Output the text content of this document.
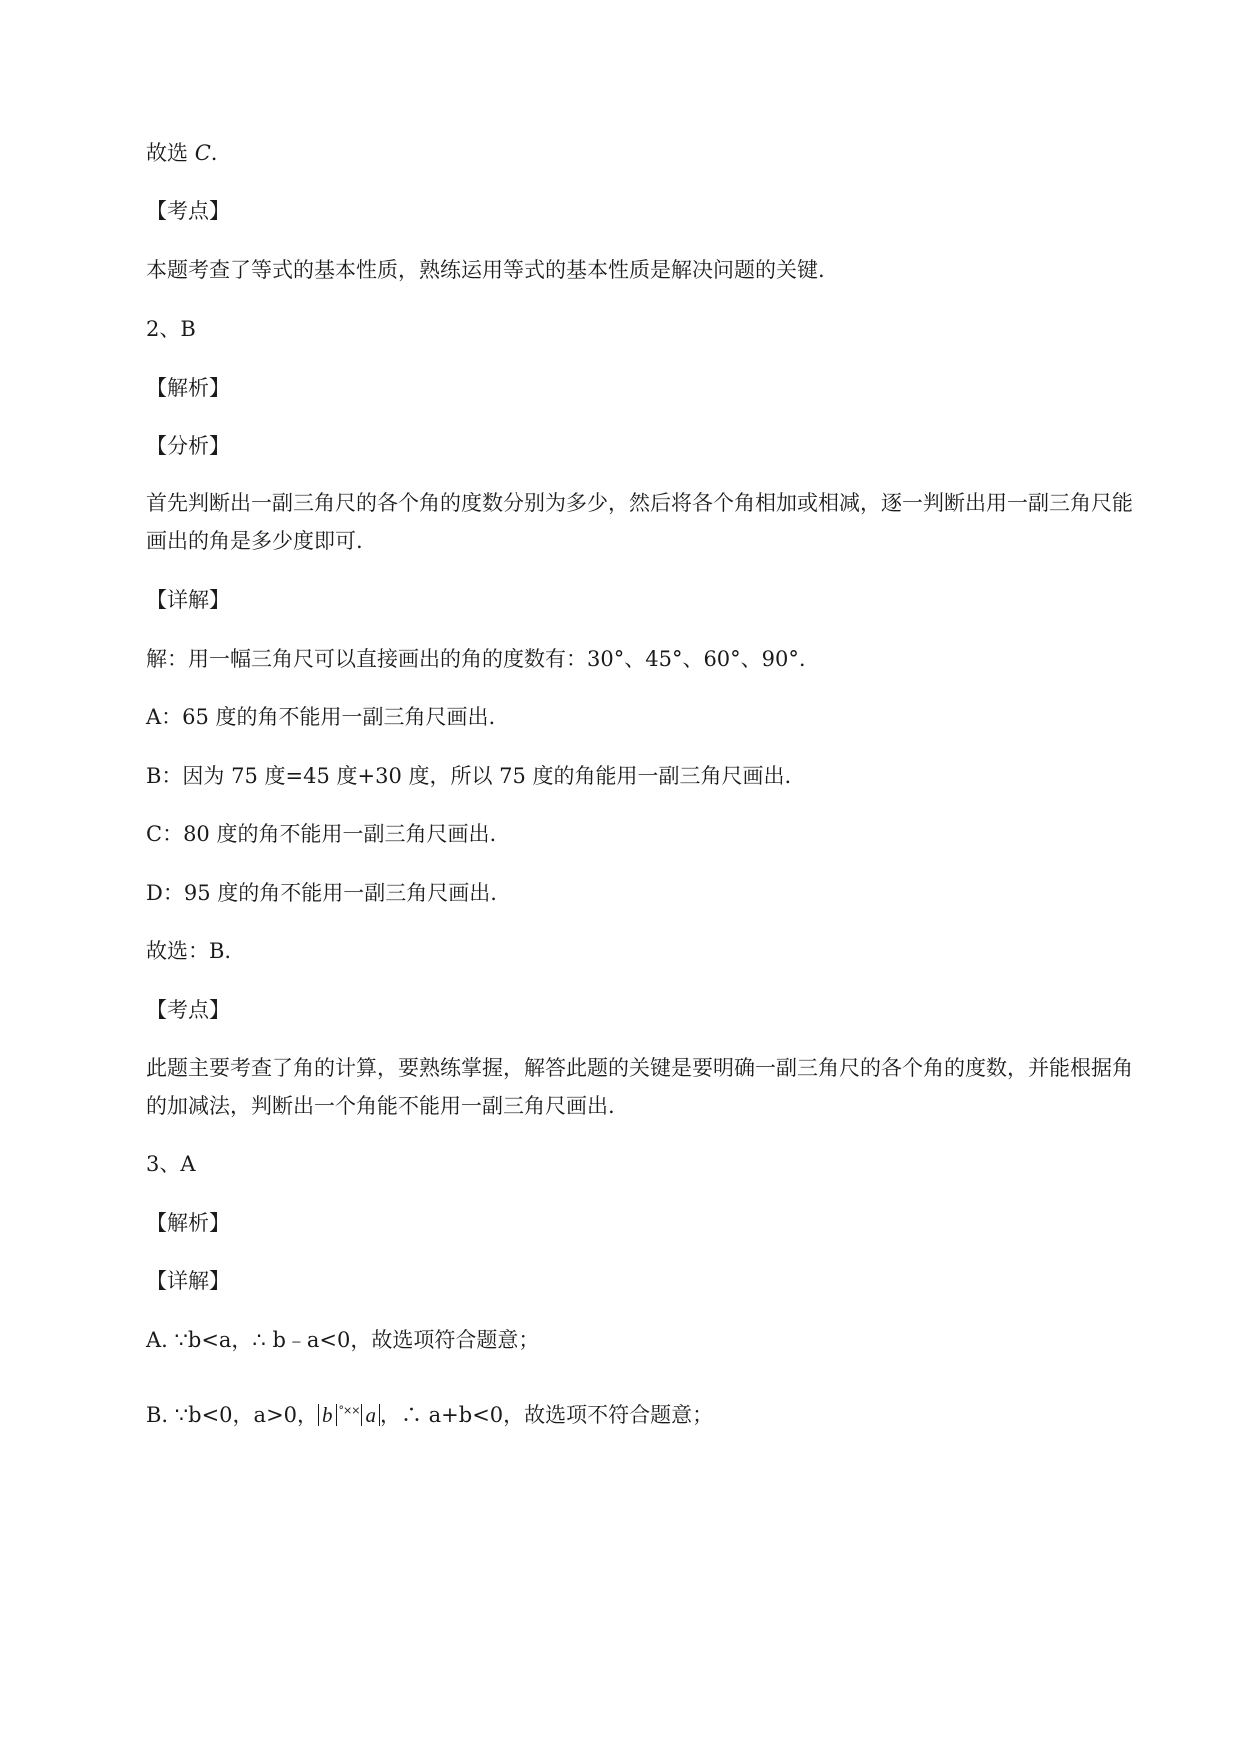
故选 C.
【考点】
本题考查了等式的基本性质，熟练运用等式的基本性质是解决问题的关键.
2、B
【解析】
【分析】
首先判断出一副三角尺的各个角的度数分别为多少，然后将各个角相加或相减，逐一判断出用一副三角尺能画出的角是多少度即可.
【详解】
解：用一幅三角尺可以直接画出的角的度数有：30°、45°、60°、90°.
A：65 度的角不能用一副三角尺画出.
B：因为 75 度=45 度+30 度，所以 75 度的角能用一副三角尺画出.
C：80 度的角不能用一副三角尺画出.
D：95 度的角不能用一副三角尺画出.
故选：B.
【考点】
此题主要考查了角的计算，要熟练掌握，解答此题的关键是要明确一副三角尺的各个角的度数，并能根据角的加减法，判断出一个角能不能用一副三角尺画出.
3、A
【解析】
【详解】
A. ∵b<a，∴ b﹣a<0，故选项符合题意；
B. ∵b<0，a>0， b °×× a ，∴ a+b<0，故选项不符合题意；
